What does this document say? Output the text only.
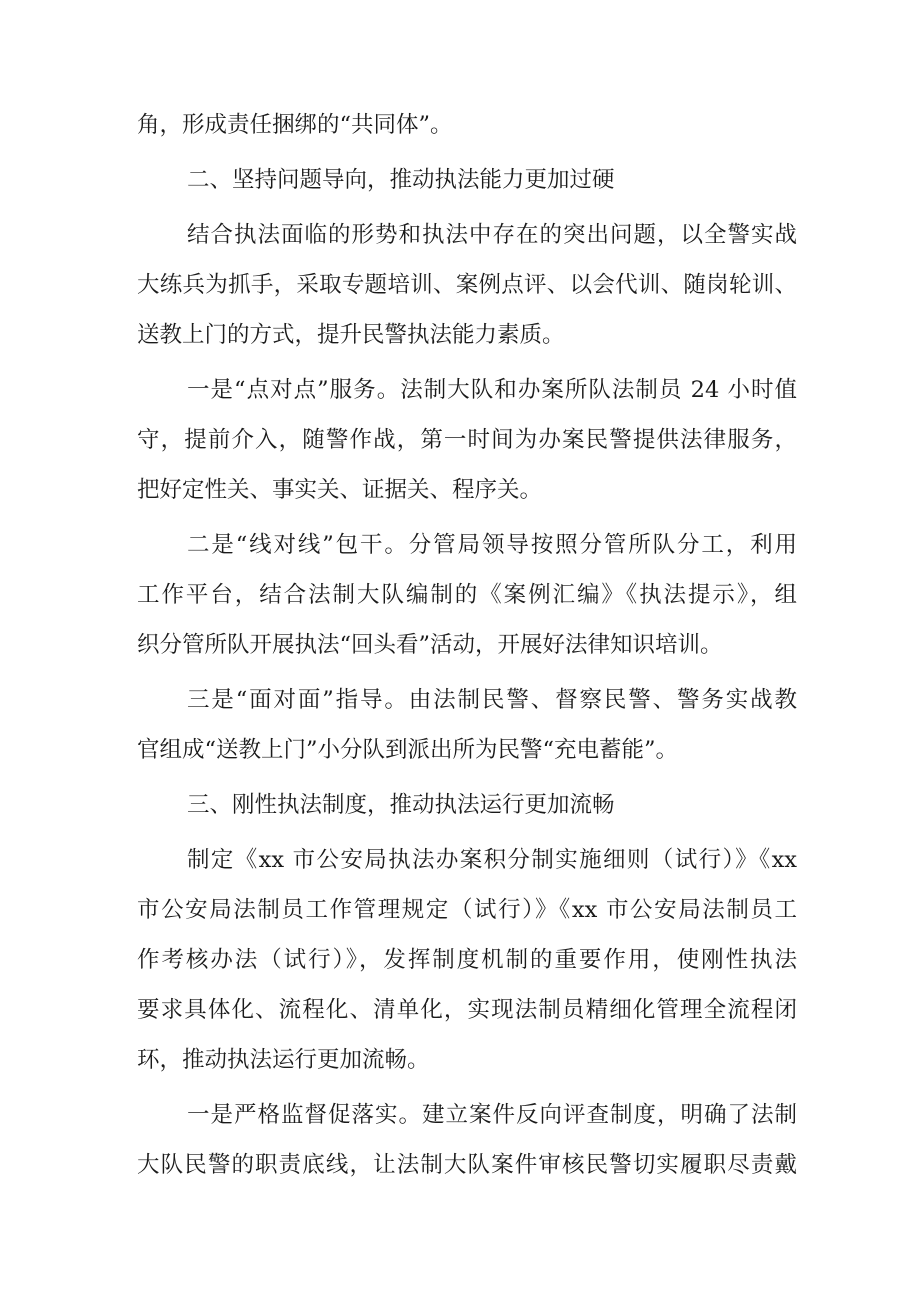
角，形成责任捆绑的“共同体”。
二、坚持问题导向，推动执法能力更加过硬
结合执法面临的形势和执法中存在的突出问题，以全警实战
大练兵为抓手，采取专题培训、案例点评、以会代训、随岗轮训、
送教上门的方式，提升民警执法能力素质。
一是“点对点”服务。法制大队和办案所队法制员 24 小时值
守，提前介入，随警作战，第一时间为办案民警提供法律服务，
把好定性关、事实关、证据关、程序关。
二是“线对线”包干。分管局领导按照分管所队分工，利用
工作平台，结合法制大队编制的《案例汇编》《执法提示》，组
织分管所队开展执法“回头看”活动，开展好法律知识培训。
三是“面对面”指导。由法制民警、督察民警、警务实战教
官组成“送教上门”小分队到派出所为民警“充电蓄能”。
三、刚性执法制度，推动执法运行更加流畅
制定《xx 市公安局执法办案积分制实施细则（试行）》《xx
市公安局法制员工作管理规定（试行）》《xx 市公安局法制员工
作考核办法（试行）》，发挥制度机制的重要作用，使刚性执法
要求具体化、流程化、清单化，实现法制员精细化管理全流程闭
环，推动执法运行更加流畅。
一是严格监督促落实。建立案件反向评查制度，明确了法制
大队民警的职责底线，让法制大队案件审核民警切实履职尽责戴
